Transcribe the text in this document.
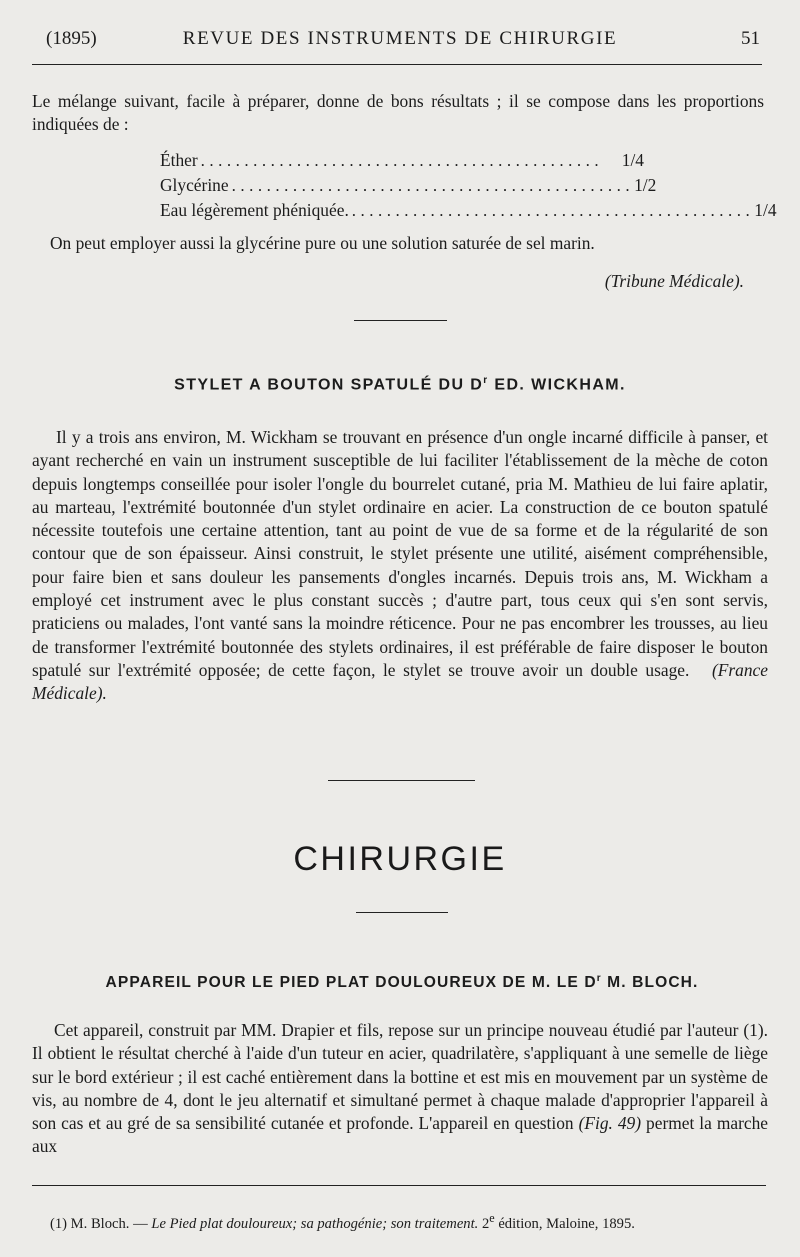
(1895)	REVUE DES INSTRUMENTS DE CHIRURGIE	51

Le mélange suivant, facile à préparer, donne de bons résultats ; il se compose dans les proportions indiquées de :

Éther ..............................................	1/4
Glycérine .............................................. 1/2
Eau légèrement phéniquée. .............................................. 1/4

On peut employer aussi la glycérine pure ou une solution saturée de sel marin.

(Tribune Médicale).
STYLET A BOUTON SPATULÉ DU $D^r$ ED. WICKHAM.

Il y a trois ans environ, M. Wickham se trouvant en présence d'un ongle incarné difficile à panser, et ayant recherché en vain un instrument susceptible de lui faciliter l'établissement de la mèche de coton depuis longtemps conseillée pour isoler l'ongle du bourrelet cutané, pria M. Mathieu de lui faire aplatir, au marteau, l'extrémité boutonnée d'un stylet ordinaire en acier. La construction de ce bouton spatulé nécessite toutefois une certaine attention, tant au point de vue de sa forme et de la régularité de son contour que de son épaisseur. Ainsi construit, le stylet présente une utilité, aisément compréhensible, pour faire bien et sans douleur les pansements d'ongles incarnés. Depuis trois ans, M. Wickham a employé cet instrument avec le plus constant succès ; d'autre part, tous ceux qui s'en sont servis, praticiens ou malades, l'ont vanté sans la moindre réticence. Pour ne pas encombrer les trousses, au lieu de transformer l'extrémité boutonnée des stylets ordinaires, il est préférable de faire disposer le bouton spatulé sur l'extrémité opposée; de cette façon, le stylet se trouve avoir un double usage. (France Médicale).

CHIRURGIE
APPAREIL POUR LE PIED PLAT DOULOUREUX DE M. LE $D^r$ M. BLOCH.

Cet appareil, construit par MM. Drapier et fils, repose sur un principe nouveau étudié par l'auteur (1). Il obtient le résultat cherché à l'aide d'un tuteur en acier, quadrilatère, s'appliquant à une semelle de liège sur le bord extérieur ; il est caché entièrement dans la bottine et est mis en mouvement par un système de vis, au nombre de 4, dont le jeu alternatif et simultané permet à chaque malade d'approprier l'appareil à son cas et au gré de sa sensibilité cutanée et profonde. L'appareil en question (Fig. 49) permet la marche aux

(1) M. Bloch. — Le Pied plat douloureux; sa pathogénie; son traitement. 2e édition, Maloine, 1895.
